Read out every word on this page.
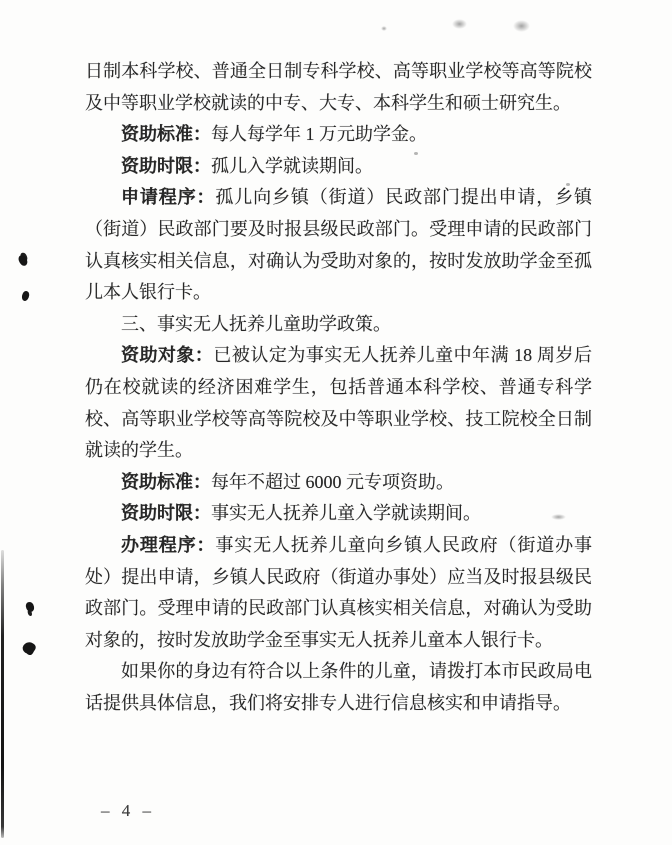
日制本科学校、普通全日制专科学校、高等职业学校等高等院校及中等职业学校就读的中专、大专、本科学生和硕士研究生。

资助标准：每人每学年 1 万元助学金。

资助时限：孤儿入学就读期间。

申请程序：孤儿向乡镇（街道）民政部门提出申请，乡镇（街道）民政部门要及时报县级民政部门。受理申请的民政部门认真核实相关信息，对确认为受助对象的，按时发放助学金至孤儿本人银行卡。

三、事实无人抚养儿童助学政策。

资助对象：已被认定为事实无人抚养儿童中年满 18 周岁后仍在校就读的经济困难学生，包括普通本科学校、普通专科学校、高等职业学校等高等院校及中等职业学校、技工院校全日制就读的学生。

资助标准：每年不超过 6000 元专项资助。

资助时限：事实无人抚养儿童入学就读期间。

办理程序：事实无人抚养儿童向乡镇人民政府（街道办事处）提出申请，乡镇人民政府（街道办事处）应当及时报县级民政部门。受理申请的民政部门认真核实相关信息，对确认为受助对象的，按时发放助学金至事实无人抚养儿童本人银行卡。

如果你的身边有符合以上条件的儿童，请拨打本市民政局电话提供具体信息，我们将安排专人进行信息核实和申请指导。

– 4 –
